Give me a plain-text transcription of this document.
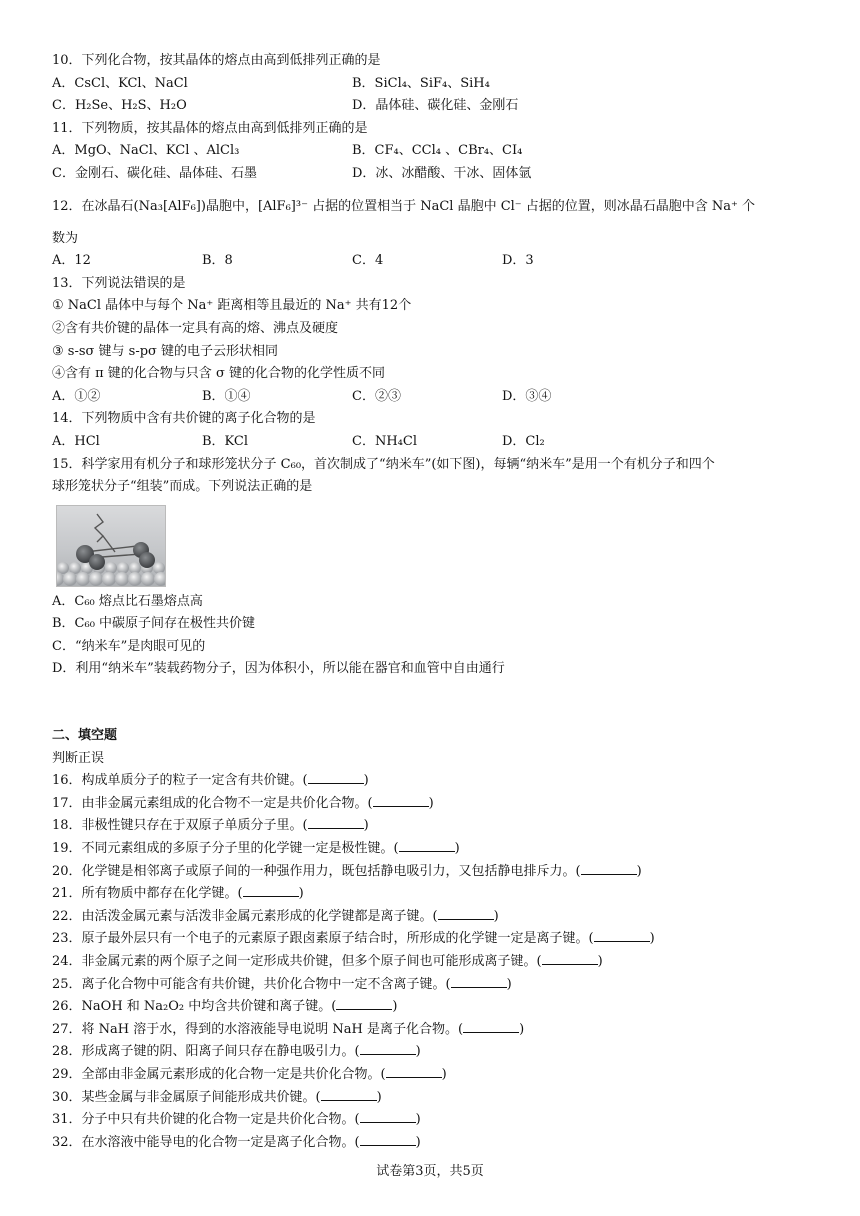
10．下列化合物，按其晶体的熔点由高到低排列正确的是
A．CsCl、KCl、NaCl	B．SiCl₄、SiF₄、SiH₄
C．H₂Se、H₂S、H₂O	D．晶体硅、碳化硅、金刚石
11．下列物质，按其晶体的熔点由高到低排列正确的是
A．MgO、NaCl、KCl 、AlCl₃	B．CF₄、CCl₄ 、CBr₄、CI₄
C．金刚石、碳化硅、晶体硅、石墨	D．冰、冰醋酸、干冰、固体氩
12．在冰晶石(Na₃[AlF₆])晶胞中，[AlF₆]³⁻ 占据的位置相当于 NaCl 晶胞中 Cl⁻ 占据的位置，则冰晶石晶胞中含 Na⁺ 个
数为
A．12	B．8	C．4	D．3
13．下列说法错误的是
① NaCl 晶体中与每个 Na⁺ 距离相等且最近的 Na⁺ 共有12个
②含有共价键的晶体一定具有高的熔、沸点及硬度
③ s-sσ 键与 s-pσ 键的电子云形状相同
④含有 π 键的化合物与只含 σ 键的化合物的化学性质不同
A．①②	B．①④	C．②③	D．③④
14．下列物质中含有共价键的离子化合物的是
A．HCl	B．KCl	C．NH₄Cl	D．Cl₂
15．科学家用有机分子和球形笼状分子 C₆₀，首次制成了“纳米车”(如下图)，每辆“纳米车”是用一个有机分子和四个
球形笼状分子“组装”而成。下列说法正确的是
A．C₆₀ 熔点比石墨熔点高
B．C₆₀ 中碳原子间存在极性共价键
C．“纳米车”是肉眼可见的
D．利用“纳米车”装载药物分子，因为体积小，所以能在器官和血管中自由通行
二、填空题
判断正误
16．构成单质分子的粒子一定含有共价键。(	)
17．由非金属元素组成的化合物不一定是共价化合物。(	)
18．非极性键只存在于双原子单质分子里。(	)
19．不同元素组成的多原子分子里的化学键一定是极性键。(	)
20．化学键是相邻离子或原子间的一种强作用力，既包括静电吸引力，又包括静电排斥力。(	)
21．所有物质中都存在化学键。(	)
22．由活泼金属元素与活泼非金属元素形成的化学键都是离子键。(	)
23．原子最外层只有一个电子的元素原子跟卤素原子结合时，所形成的化学键一定是离子键。(	)
24．非金属元素的两个原子之间一定形成共价键，但多个原子间也可能形成离子键。(	)
25．离子化合物中可能含有共价键，共价化合物中一定不含离子键。(	)
26．NaOH 和 Na₂O₂ 中均含共价键和离子键。(	)
27．将 NaH 溶于水，得到的水溶液能导电说明 NaH 是离子化合物。(	)
28．形成离子键的阴、阳离子间只存在静电吸引力。(	)
29．全部由非金属元素形成的化合物一定是共价化合物。(	)
30．某些金属与非金属原子间能形成共价键。(	)
31．分子中只有共价键的化合物一定是共价化合物。(	)
32．在水溶液中能导电的化合物一定是离子化合物。(	)
试卷第3页，共5页
